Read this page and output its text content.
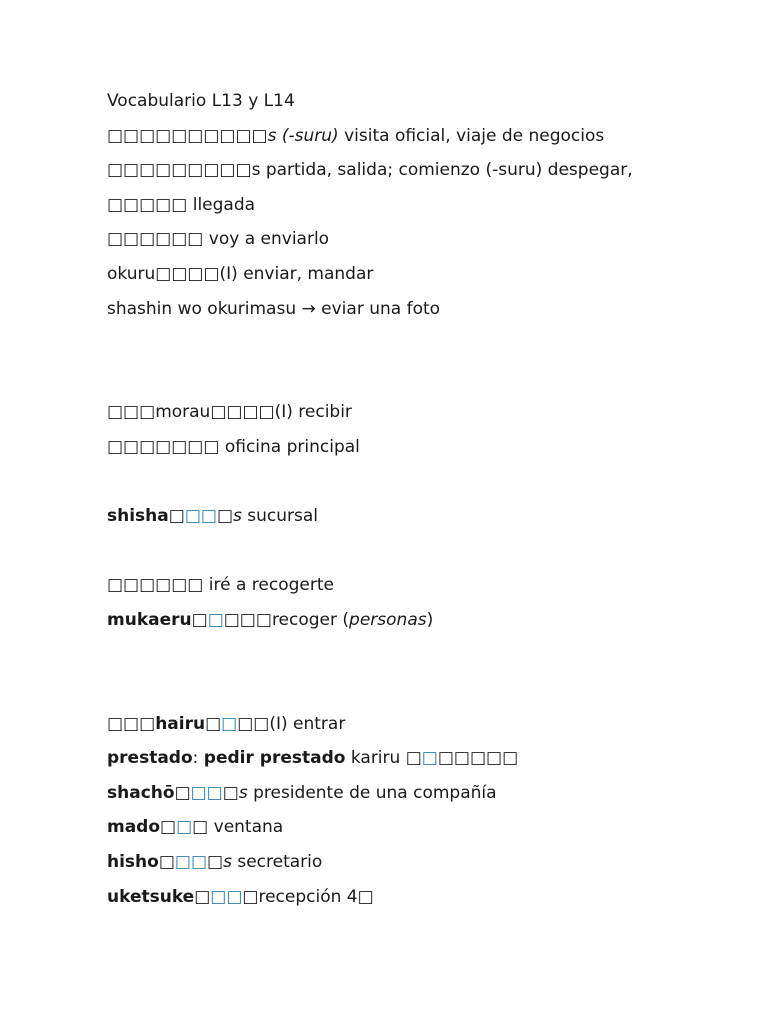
Vocabulario L13 y L14
□□□□□□□□□□s (-suru) visita oficial, viaje de negocios
□□□□□□□□□s partida, salida; comienzo (-suru) despegar,
□□□□□ llegada
□□□□□□ voy a enviarlo
okuru□□□□(I) enviar, mandar
shashin wo okurimasu → eviar una foto
□□□morau□□□□(I) recibir
□□□□□□□ oficina principal
shisha□□□□s sucursal
□□□□□□ iré a recogerte
mukaeru□□□□□recoger (personas)
□□□hairu□□□□(I) entrar
prestado: pedir prestado kariru □□□□□□□
shachō□□□□s presidente de una compañía
mado□□□ ventana
hisho□□□□s secretario
uketsuke□□□□recepción 4□
